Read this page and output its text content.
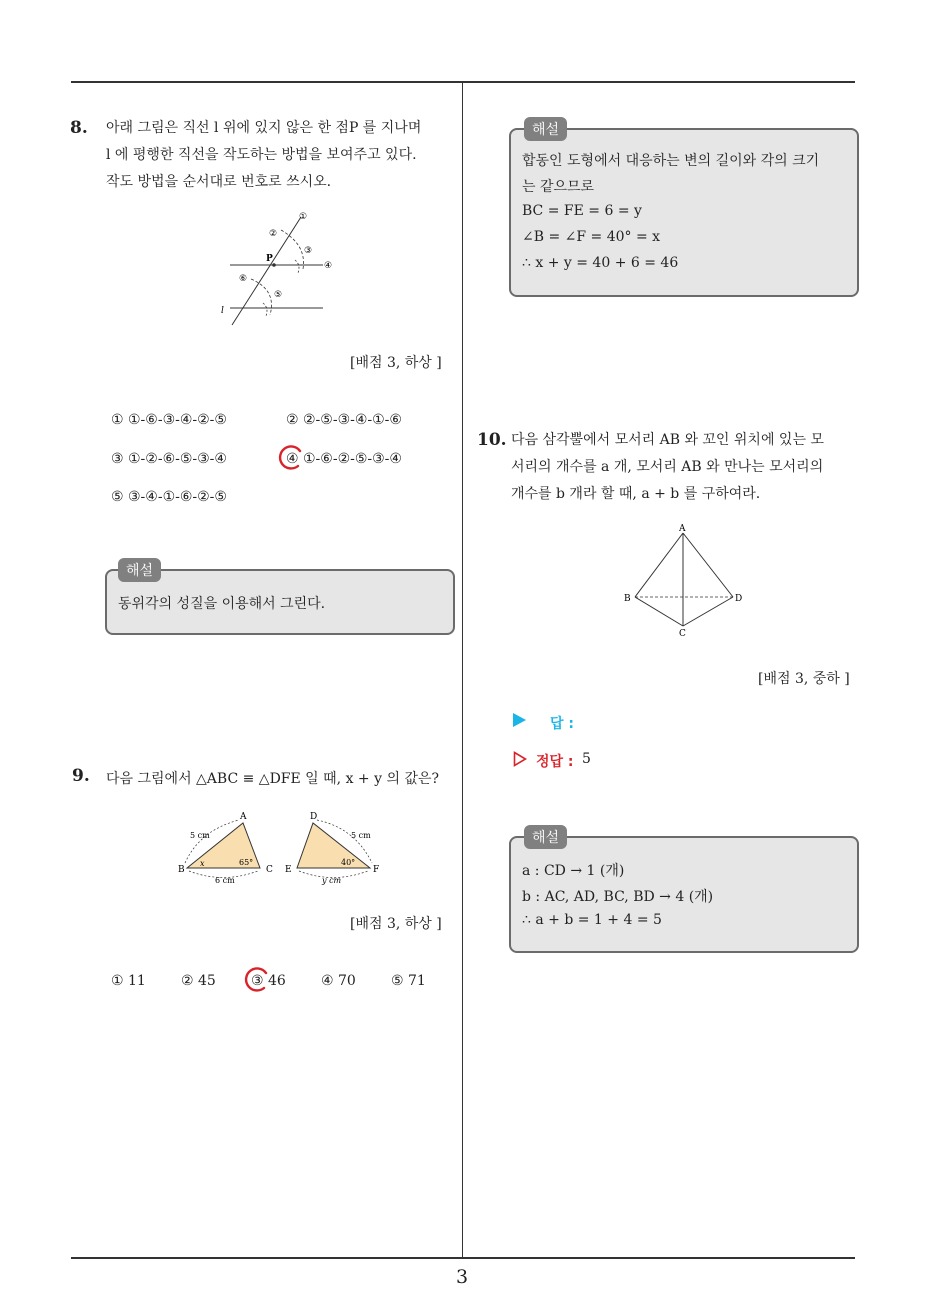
3
8. 아래 그림은 직선 l 위에 있지 않은 한 점P 를 지나며
l 에 평행한 직선을 작도하는 방법을 보여주고 있다.
작도 방법을 순서대로 번호로 쓰시오.
P
l
①
②
③
④
⑤
⑥
[배점 3, 하상 ]
① ①-⑥-③-④-②-⑤	② ②-⑤-③-④-①-⑥
③ ①-②-⑥-⑤-③-④	④ ①-⑥-②-⑤-③-④
⑤ ③-④-①-⑥-②-⑤
해설
동위각의 성질을 이용해서 그린다.
9. 다음 그림에서 △ABC ≡ △DFE 일 때, x + y 의 값은?
A
B	C
5 cm
6 cm
x	65°
D
E	F
5 cm
y cm
40°
[배점 3, 하상 ]
① 11	② 45	③ 46	④ 70	⑤ 71
해설
합동인 도형에서 대응하는 변의 길이와 각의 크기
는 같으므로
BC = FE = 6 = y
∠B = ∠F = 40° = x
∴ x + y = 40 + 6 = 46
10. 다음 삼각뿔에서 모서리 AB 와 꼬인 위치에 있는 모
서리의 개수를 a 개, 모서리 AB 와 만나는 모서리의
개수를 b 개라 할 때, a + b 를 구하여라.
A
B
C
D
[배점 3, 중하 ]
답 :
정답 : 5
해설
a : CD → 1 (개)
b : AC, AD, BC, BD → 4 (개)
∴ a + b = 1 + 4 = 5
